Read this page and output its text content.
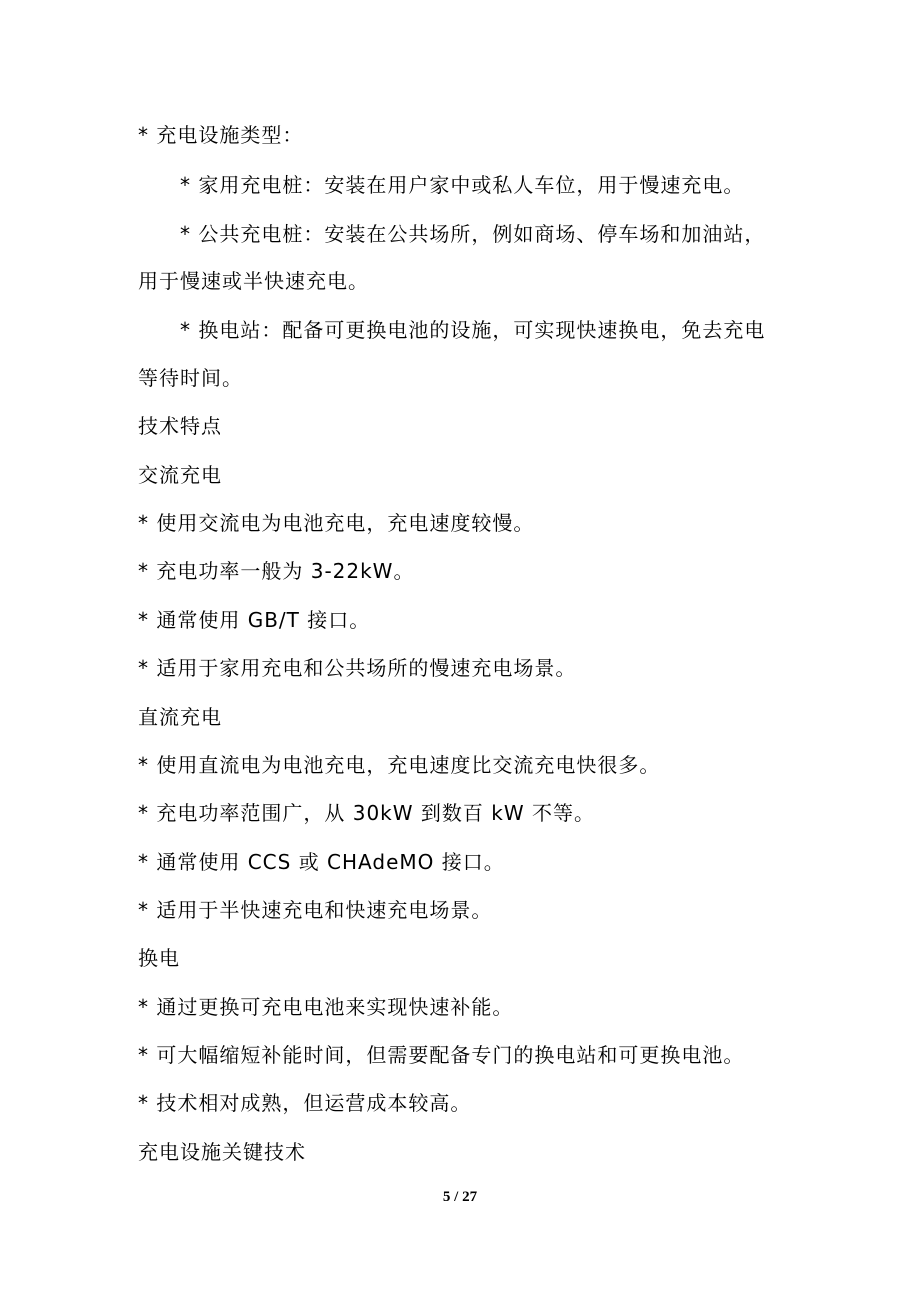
* 充电设施类型：
* 家用充电桩：安装在用户家中或私人车位，用于慢速充电。
* 公共充电桩：安装在公共场所，例如商场、停车场和加油站，
用于慢速或半快速充电。
* 换电站：配备可更换电池的设施，可实现快速换电，免去充电
等待时间。
技术特点
交流充电
* 使用交流电为电池充电，充电速度较慢。
* 充电功率一般为 3-22kW。
* 通常使用 GB/T 接口。
* 适用于家用充电和公共场所的慢速充电场景。
直流充电
* 使用直流电为电池充电，充电速度比交流充电快很多。
* 充电功率范围广，从 30kW 到数百 kW 不等。
* 通常使用 CCS 或 CHAdeMO 接口。
* 适用于半快速充电和快速充电场景。
换电
* 通过更换可充电电池来实现快速补能。
* 可大幅缩短补能时间，但需要配备专门的换电站和可更换电池。
* 技术相对成熟，但运营成本较高。
充电设施关键技术
5 / 27
